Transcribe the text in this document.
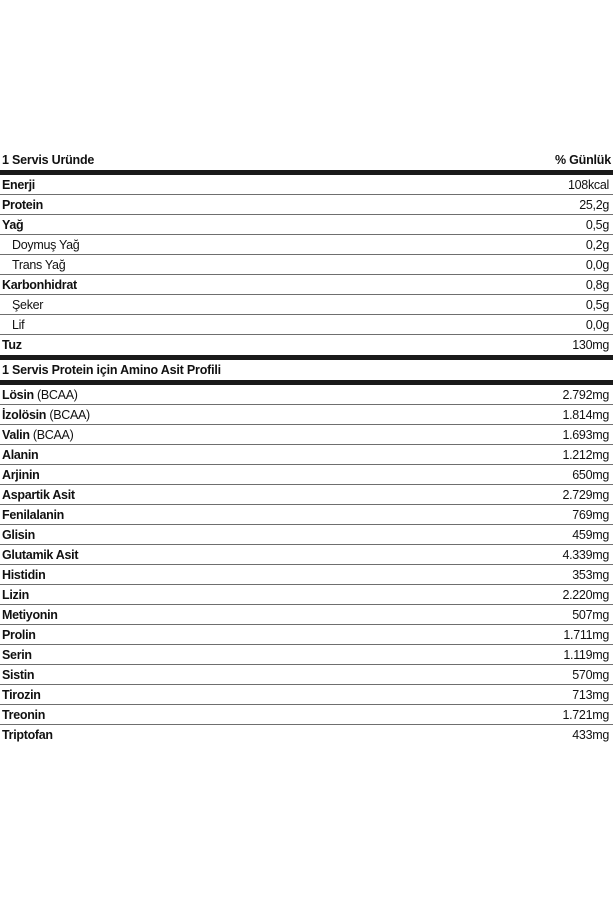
1 Servis Uründe	% Günlük
Enerji	108kcal
Protein	25,2g
Yağ	0,5g
Doymuş Yağ	0,2g
Trans Yağ	0,0g
Karbonhidrat	0,8g
Şeker	0,5g
Lif	0,0g
Tuz	130mg
1 Servis Protein için Amino Asit Profili
Lösin (BCAA)	2.792mg
İzolösin (BCAA)	1.814mg
Valin (BCAA)	1.693mg
Alanin	1.212mg
Arjinin	650mg
Aspartik Asit	2.729mg
Fenilalanin	769mg
Glisin	459mg
Glutamik Asit	4.339mg
Histidin	353mg
Lizin	2.220mg
Metiyonin	507mg
Prolin	1.711mg
Serin	1.119mg
Sistin	570mg
Tirozin	713mg
Treonin	1.721mg
Triptofan	433mg
